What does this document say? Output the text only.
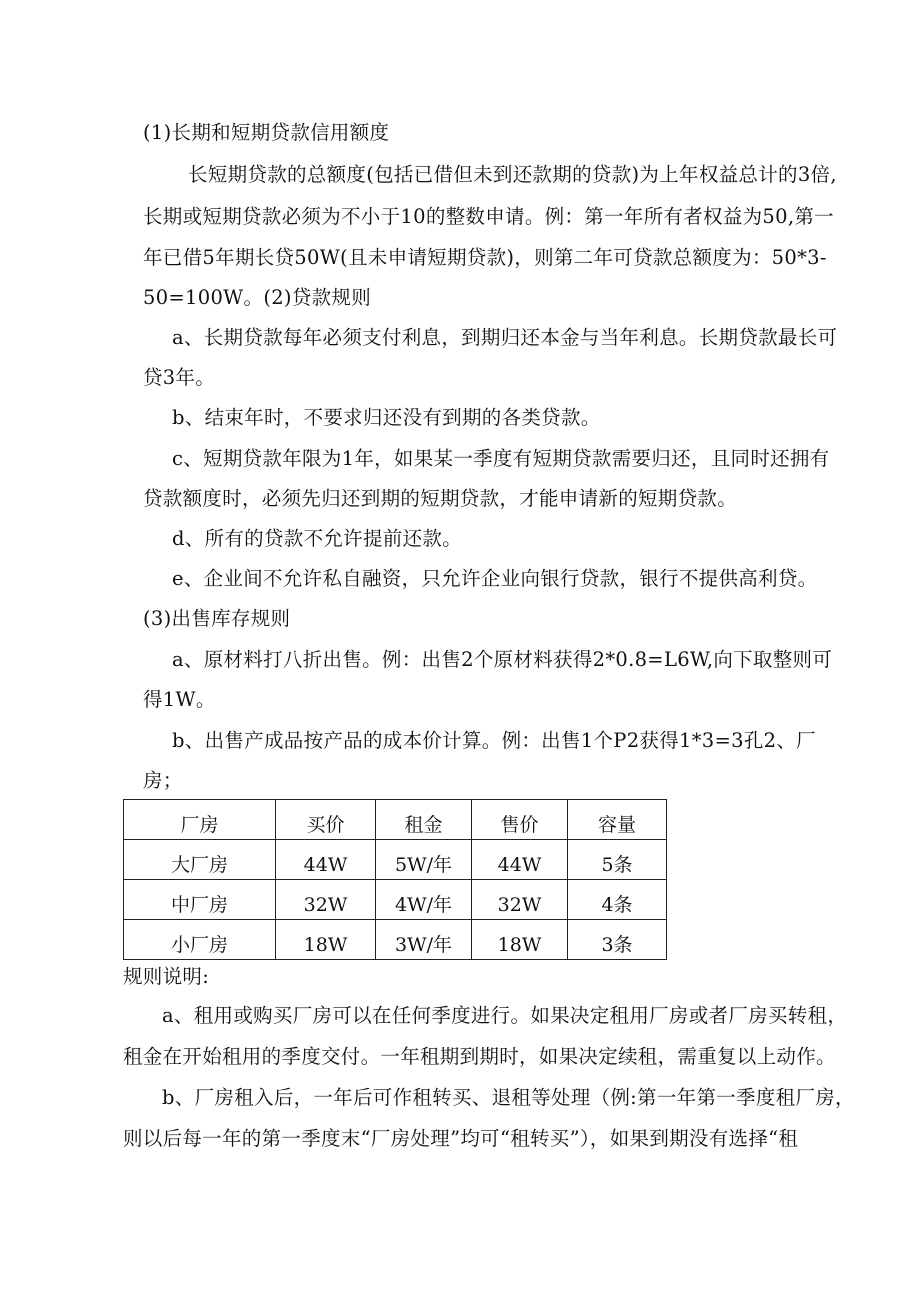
(1)长期和短期贷款信用额度
长短期贷款的总额度(包括已借但未到还款期的贷款)为上年权益总计的3倍,
长期或短期贷款必须为不小于10的整数申请。例：第一年所有者权益为50,第一
年已借5年期长贷50W(且未申请短期贷款)，则第二年可贷款总额度为：50*3-
50=100W。(2)贷款规则
a、长期贷款每年必须支付利息，到期归还本金与当年利息。长期贷款最长可
贷3年。
b、结束年时，不要求归还没有到期的各类贷款。
c、短期贷款年限为1年，如果某一季度有短期贷款需要归还，且同时还拥有
贷款额度时，必须先归还到期的短期贷款，才能申请新的短期贷款。
d、所有的贷款不允许提前还款。
e、企业间不允许私自融资，只允许企业向银行贷款，银行不提供高利贷。
(3)出售库存规则
a、原材料打八折出售。例：出售2个原材料获得2*0.8=L6W,向下取整则可
得1W。
b、出售产成品按产品的成本价计算。例：出售1个P2获得1*3=3孔2、厂
房；
厂房	买价	租金	售价	容量
大厂房	44W	5W/年	44W	5条
中厂房	32W	4W/年	32W	4条
小厂房	18W	3W/年	18W	3条
规则说明:
a、租用或购买厂房可以在任何季度进行。如果决定租用厂房或者厂房买转租，
租金在开始租用的季度交付。一年租期到期时，如果决定续租，需重复以上动作。
b、厂房租入后，一年后可作租转买、退租等处理（例:第一年第一季度租厂房，
则以后每一年的第一季度末“厂房处理”均可“租转买”），如果到期没有选择“租
